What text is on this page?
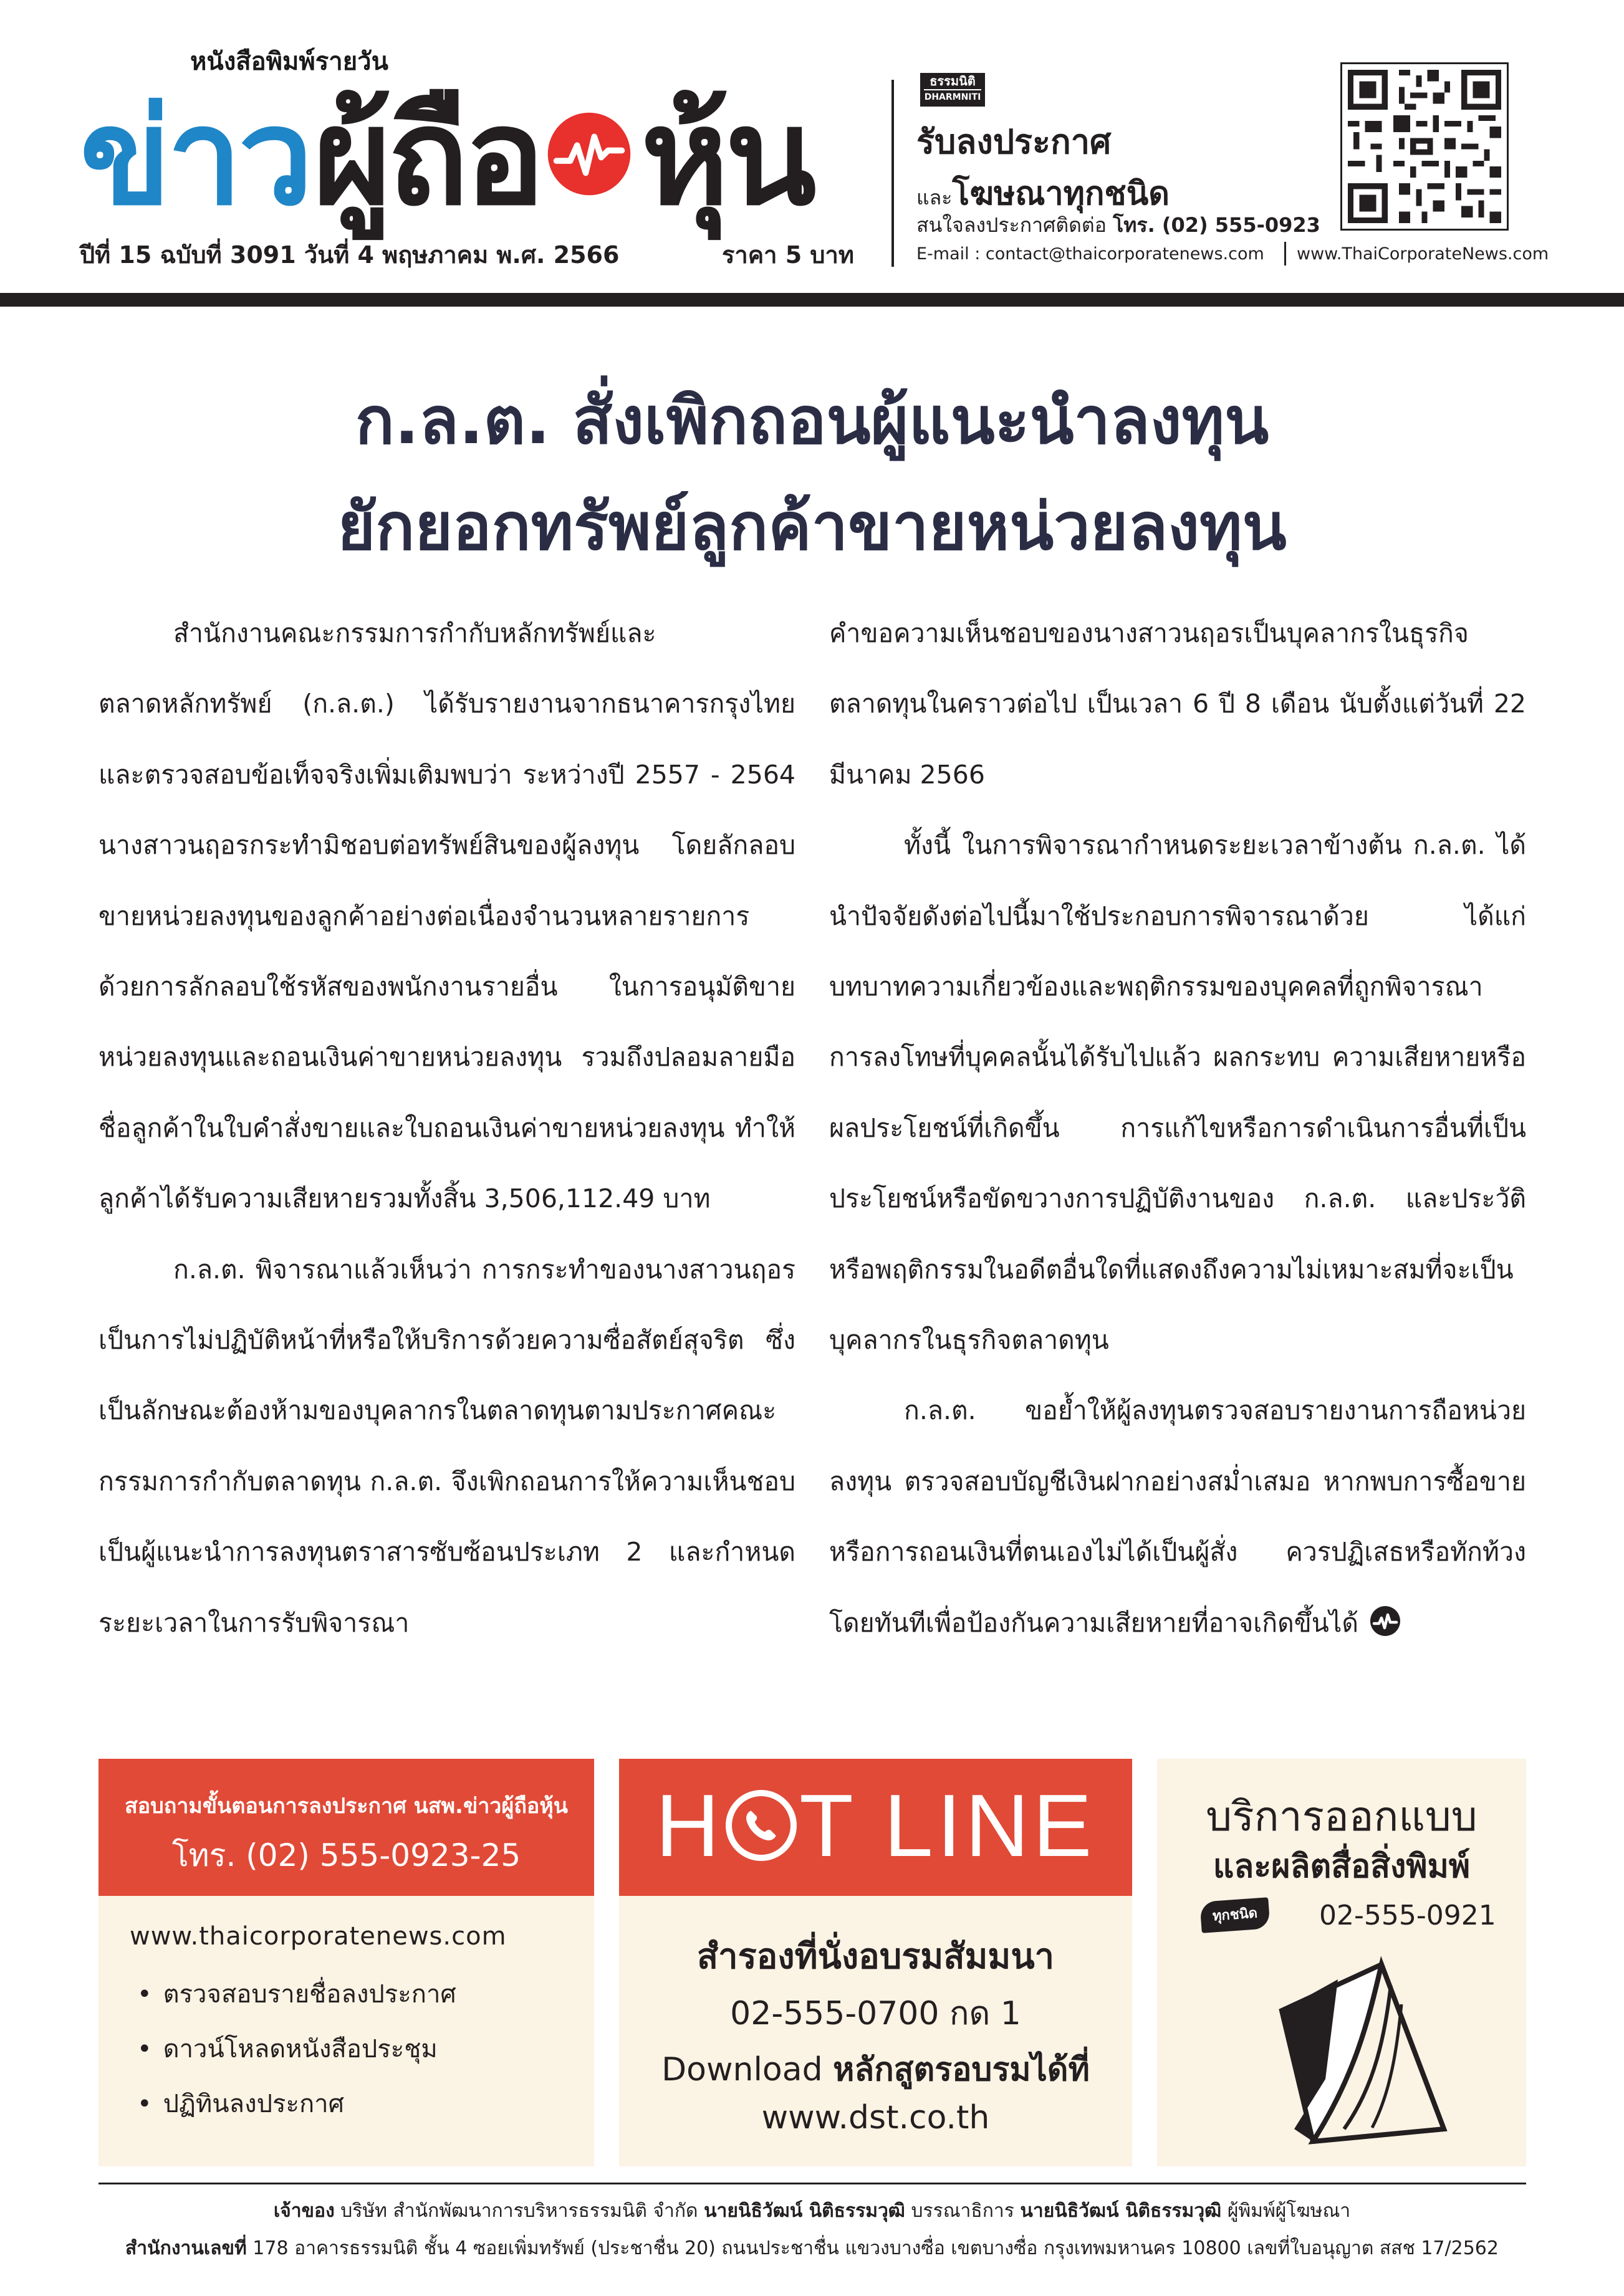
หนังสือพิมพ์รายวัน
ข่าว ผู้ถือ หุ้น
ปีที่ 15 ฉบับที่ 3091 วันที่ 4 พฤษภาคม พ.ศ. 2566	ราคา 5 บาท
ธรรมนิติ
DHARMNITI
รับลงประกาศ
และโฆษณาทุกชนิด
สนใจลงประกาศติดต่อ โทร. (02) 555-0923
E-mail : contact@thaicorporatenews.com www.ThaiCorporateNews.com
ก.ล.ต. สั่งเพิกถอนผู้แนะนำลงทุน
ยักยอกทรัพย์ลูกค้าขายหน่วยลงทุน

สำนักงานคณะกรรมการกำกับหลักทรัพย์และตลาดหลักทรัพย์ (ก.ล.ต.) ได้รับรายงานจากธนาคารกรุงไทยและตรวจสอบข้อเท็จจริงเพิ่มเติมพบว่า ระหว่างปี 2557 - 2564 นางสาวนฤอรกระทำมิชอบต่อทรัพย์สินของผู้ลงทุน โดยลักลอบขายหน่วยลงทุนของลูกค้าอย่างต่อเนื่องจำนวนหลายรายการ ด้วยการลักลอบใช้รหัสของพนักงานรายอื่น ในการอนุมัติขายหน่วยลงทุนและถอนเงินค่าขายหน่วยลงทุน รวมถึงปลอมลายมือชื่อลูกค้าในใบคำสั่งขายและใบถอนเงินค่าขายหน่วยลงทุน ทำให้ลูกค้าได้รับความเสียหายรวมทั้งสิ้น 3,506,112.49 บาท

ก.ล.ต. พิจารณาแล้วเห็นว่า การกระทำของนางสาวนฤอรเป็นการไม่ปฏิบัติหน้าที่หรือให้บริการด้วยความซื่อสัตย์สุจริต ซึ่งเป็นลักษณะต้องห้ามของบุคลากรในตลาดทุนตามประกาศคณะกรรมการกำกับตลาดทุน ก.ล.ต. จึงเพิกถอนการให้ความเห็นชอบเป็นผู้แนะนำการลงทุนตราสารซับซ้อนประเภท 2 และกำหนดระยะเวลาในการรับพิจารณา

คำขอความเห็นชอบของนางสาวนฤอรเป็นบุคลากรในธุรกิจตลาดทุนในคราวต่อไป เป็นเวลา 6 ปี 8 เดือน นับตั้งแต่วันที่ 22 มีนาคม 2566

ทั้งนี้ ในการพิจารณากำหนดระยะเวลาข้างต้น ก.ล.ต. ได้นำปัจจัยดังต่อไปนี้มาใช้ประกอบการพิจารณาด้วย ได้แก่ บทบาทความเกี่ยวข้องและพฤติกรรมของบุคคลที่ถูกพิจารณา การลงโทษที่บุคคลนั้นได้รับไปแล้ว ผลกระทบ ความเสียหายหรือผลประโยชน์ที่เกิดขึ้น การแก้ไขหรือการดำเนินการอื่นที่เป็นประโยชน์หรือขัดขวางการปฏิบัติงานของ ก.ล.ต. และประวัติหรือพฤติกรรมในอดีตอื่นใดที่แสดงถึงความไม่เหมาะสมที่จะเป็นบุคลากรในธุรกิจตลาดทุน

ก.ล.ต. ขอย้ำให้ผู้ลงทุนตรวจสอบรายงานการถือหน่วยลงทุน ตรวจสอบบัญชีเงินฝากอย่างสม่ำเสมอ หากพบการซื้อขายหรือการถอนเงินที่ตนเองไม่ได้เป็นผู้สั่ง ควรปฏิเสธหรือทักท้วงโดยทันทีเพื่อป้องกันความเสียหายที่อาจเกิดขึ้นได้

สอบถามขั้นตอนการลงประกาศ นสพ.ข่าวผู้ถือหุ้น
โทร. (02) 555-0923-25
www.thaicorporatenews.com
• ตรวจสอบรายชื่อลงประกาศ
• ดาวน์โหลดหนังสือประชุม
• ปฏิทินลงประกาศ
H T LINE
สำรองที่นั่งอบรมสัมมนา
02-555-0700 กด 1
Download หลักสูตรอบรมได้ที่
www.dst.co.th
บริการออกแบบ
และผลิตสื่อสิ่งพิมพ์
ทุกชนิด	02-555-0921
เจ้าของ บริษัท สำนักพัฒนาการบริหารธรรมนิติ จำกัด นายนิธิวัฒน์ นิติธรรมวุฒิ บรรณาธิการ นายนิธิวัฒน์ นิติธรรมวุฒิ ผู้พิมพ์ผู้โฆษณา
สำนักงานเลขที่ 178 อาคารธรรมนิติ ชั้น 4 ซอยเพิ่มทรัพย์ (ประชาชื่น 20) ถนนประชาชื่น แขวงบางซื่อ เขตบางซื่อ กรุงเทพมหานคร 10800 เลขที่ใบอนุญาต สสช 17/2562
